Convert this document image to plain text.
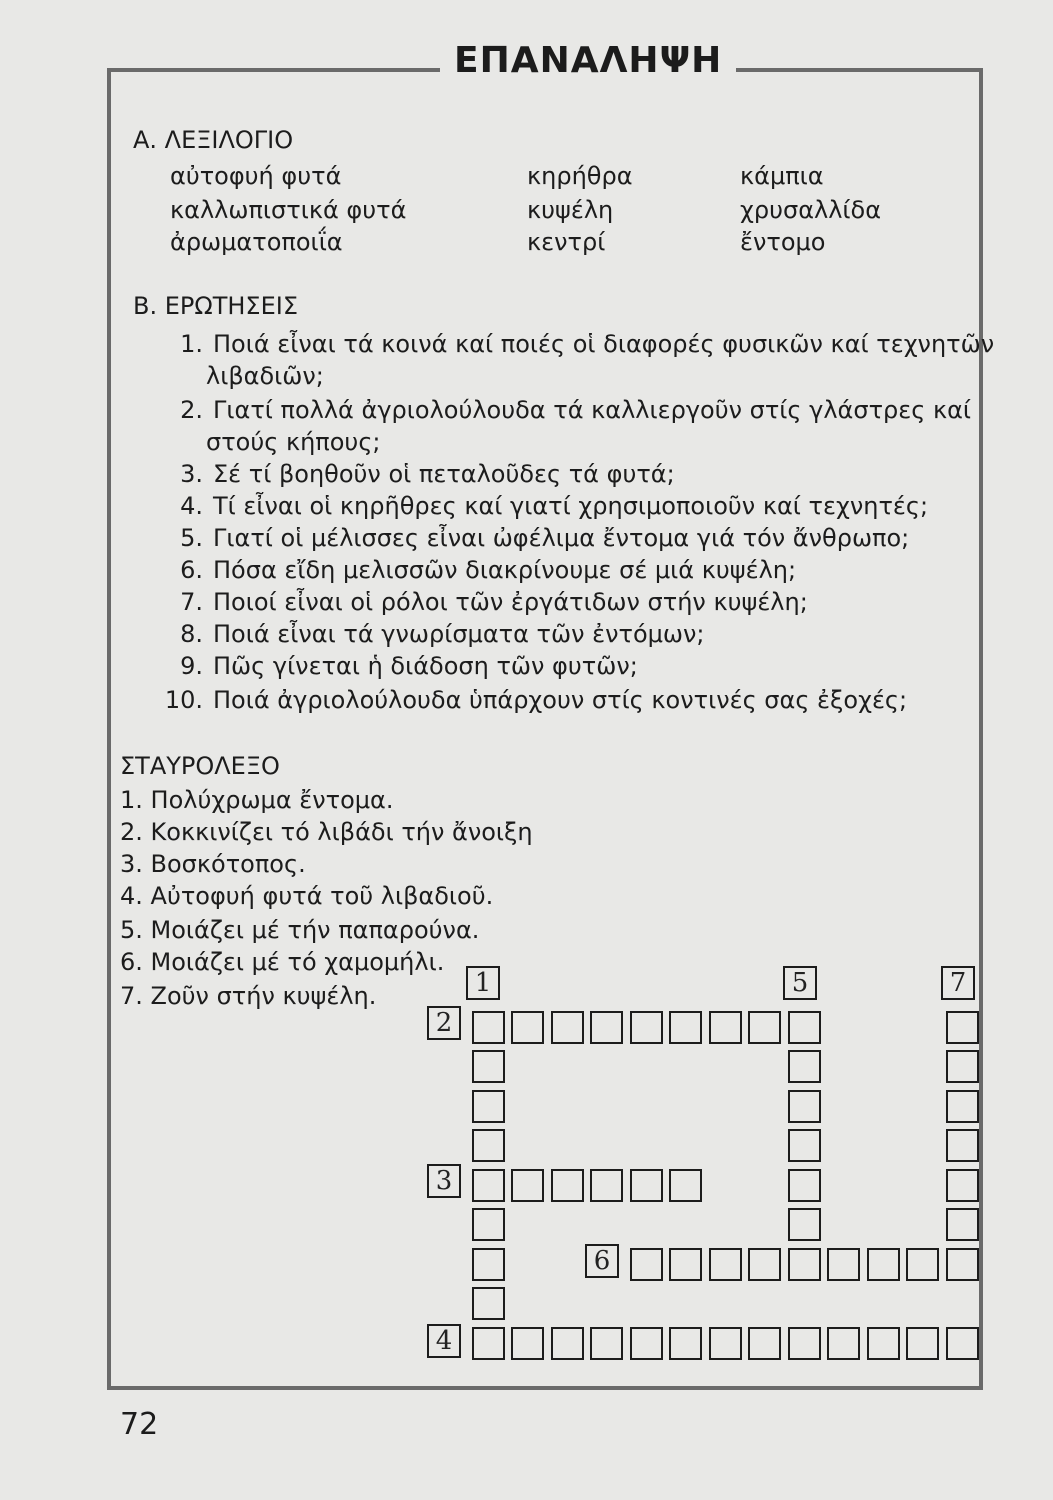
ΕΠΑΝΑΛΗΨΗ
Α. ΛΕΞΙΛΟΓΙΟ
αὐτοφυή φυτά
καλλωπιστικά φυτά
ἀρωματοποιΐα
κηρήθρα
κυψέλη
κεντρί
κάμπια
χρυσαλλίδα
ἔντομο
Β. ΕΡΩΤΗΣΕΙΣ
1. Ποιά εἶναι τά κοινά καί ποιές οἱ διαφορές φυσικῶν καί τεχνητῶν
λιβαδιῶν;
2. Γιατί πολλά ἀγριολούλουδα τά καλλιεργοῦν στίς γλάστρες καί
στούς κήπους;
3. Σέ τί βοηθοῦν οἱ πεταλοῦδες τά φυτά;
4. Τί εἶναι οἱ κηρῆθρες καί γιατί χρησιμοποιοῦν καί τεχνητές;
5. Γιατί οἱ μέλισσες εἶναι ὠφέλιμα ἔντομα γιά τόν ἄνθρωπο;
6. Πόσα εἴδη μελισσῶν διακρίνουμε σέ μιά κυψέλη;
7. Ποιοί εἶναι οἱ ρόλοι τῶν ἐργάτιδων στήν κυψέλη;
8. Ποιά εἶναι τά γνωρίσματα τῶν ἐντόμων;
9. Πῶς γίνεται ἡ διάδοση τῶν φυτῶν;
10. Ποιά ἀγριολούλουδα ὑπάρχουν στίς κοντινές σας ἐξοχές;
ΣΤΑΥΡΟΛΕΞΟ
1. Πολύχρωμα ἔντομα.
2. Κοκκινίζει τό λιβάδι τήν ἄνοιξη
3. Βοσκότοπος.
4. Αὐτοφυή φυτά τοῦ λιβαδιοῦ.
5. Μοιάζει μέ τήν παπαρούνα.
6. Μοιάζει μέ τό χαμομήλι.
7. Ζοῦν στήν κυψέλη.	1
2
3
4
5
6
7
72
